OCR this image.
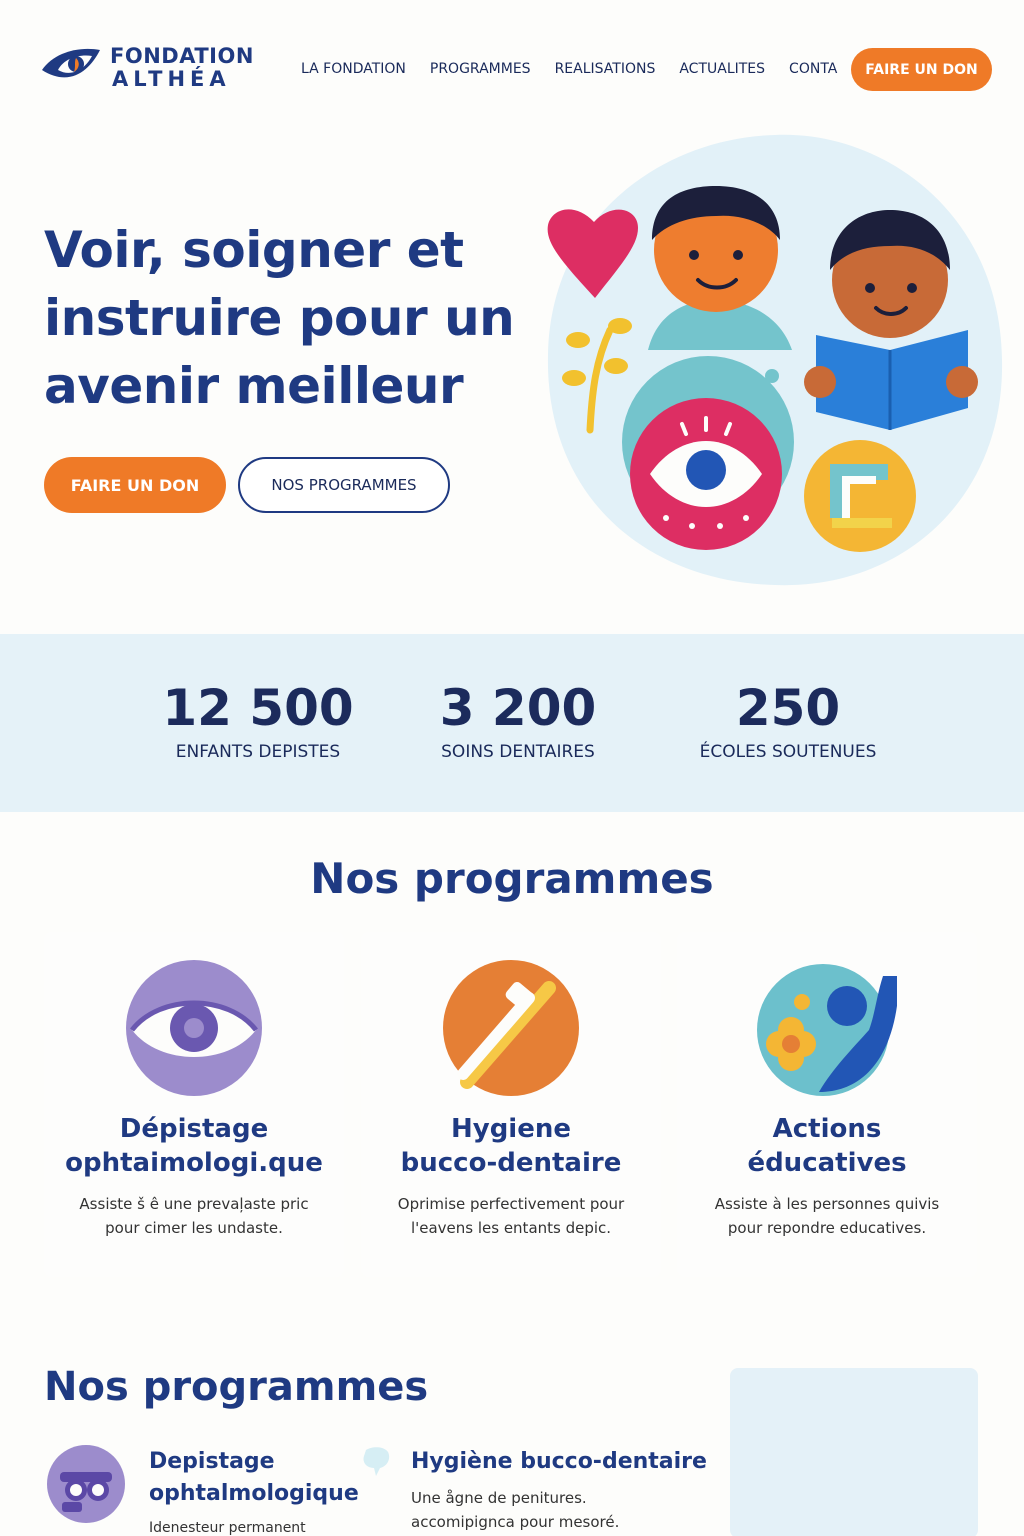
FONDATION
ALTHÉA	LA FONDATION PROGRAMMES REALISATIONS ACTUALITES CONTA	FAIRE UN DON
Voir, soigner et instruire pour un avenir meilleur
FAIRE UN DON	NOS PROGRAMMES
12 500
ENFANTS DEPISTES
3 200
SOINS DENTAIRES
250
ÉCOLES SOUTENUES
Nos programmes
Dépistage
ophtaimologi.que
Assiste š ê une prevaļaste pric pour cimer les undaste.
Hygiene
bucco-dentaire
Oprimise perfectivement pour l'eavens les entants depic.
Actions
éducatives
Assiste à les personnes quivis pour repondre educatives.
Nos programmes
Depistage ophtalmologique
Idenesteur permanent
Hygiène bucco-dentaire
Une ågne de penitures. accomipignca pour mesoré.
